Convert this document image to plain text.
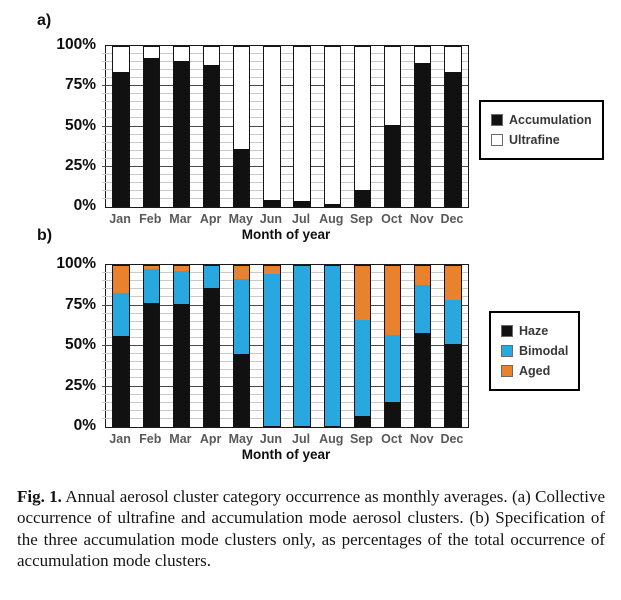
a)
100%
75%
50%
25%
0%
Jan Feb Mar Apr May Jun Jul Aug Sep Oct Nov Dec
Month of year
Accumulation
Ultrafine
b)
100%
75%
50%
25%
0%
Jan Feb Mar Apr May Jun Jul Aug Sep Oct Nov Dec
Month of year
Haze
Bimodal
Aged

Fig. 1. Annual aerosol cluster category occurrence as monthly averages. (a) Collective occurrence of ultrafine and accumulation mode aerosol clusters. (b) Specification of the three accumulation mode clusters only, as percentages of the total occurrence of accumulation mode clusters.
